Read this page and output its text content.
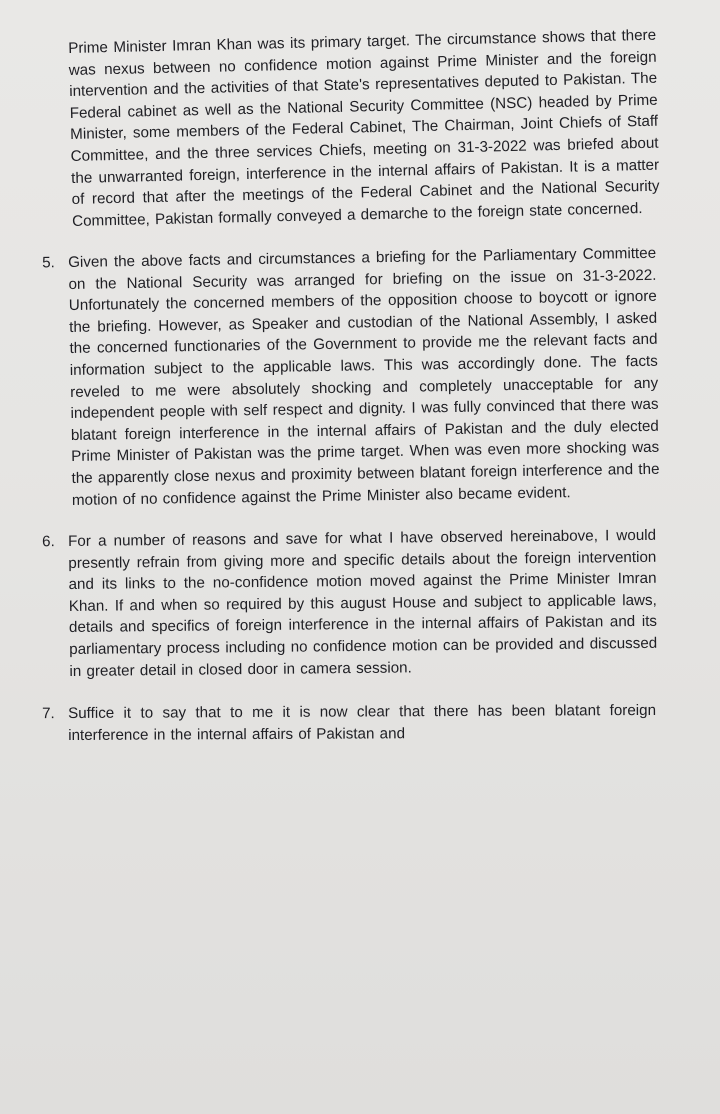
Prime Minister Imran Khan was its primary target. The circumstance shows that there was nexus between no confidence motion against Prime Minister and the foreign intervention and the activities of that State's representatives deputed to Pakistan. The Federal cabinet as well as the National Security Committee (NSC) headed by Prime Minister, some members of the Federal Cabinet, The Chairman, Joint Chiefs of Staff Committee, and the three services Chiefs, meeting on 31-3-2022 was briefed about the unwarranted foreign, interference in the internal affairs of Pakistan. It is a matter of record that after the meetings of the Federal Cabinet and the National Security Committee, Pakistan formally conveyed a demarche to the foreign state concerned.

5. Given the above facts and circumstances a briefing for the Parliamentary Committee on the National Security was arranged for briefing on the issue on 31-3-2022. Unfortunately the concerned members of the opposition choose to boycott or ignore the briefing. However, as Speaker and custodian of the National Assembly, I asked the concerned functionaries of the Government to provide me the relevant facts and information subject to the applicable laws. This was accordingly done. The facts reveled to me were absolutely shocking and completely unacceptable for any independent people with self respect and dignity. I was fully convinced that there was blatant foreign interference in the internal affairs of Pakistan and the duly elected Prime Minister of Pakistan was the prime target. When was even more shocking was the apparently close nexus and proximity between blatant foreign interference and the motion of no confidence against the Prime Minister also became evident.

6. For a number of reasons and save for what I have observed hereinabove, I would presently refrain from giving more and specific details about the foreign intervention and its links to the no-confidence motion moved against the Prime Minister Imran Khan. If and when so required by this august House and subject to applicable laws, details and specifics of foreign interference in the internal affairs of Pakistan and its parliamentary process including no confidence motion can be provided and discussed in greater detail in closed door in camera session.

7. Suffice it to say that to me it is now clear that there has been blatant foreign interference in the internal affairs of Pakistan and
